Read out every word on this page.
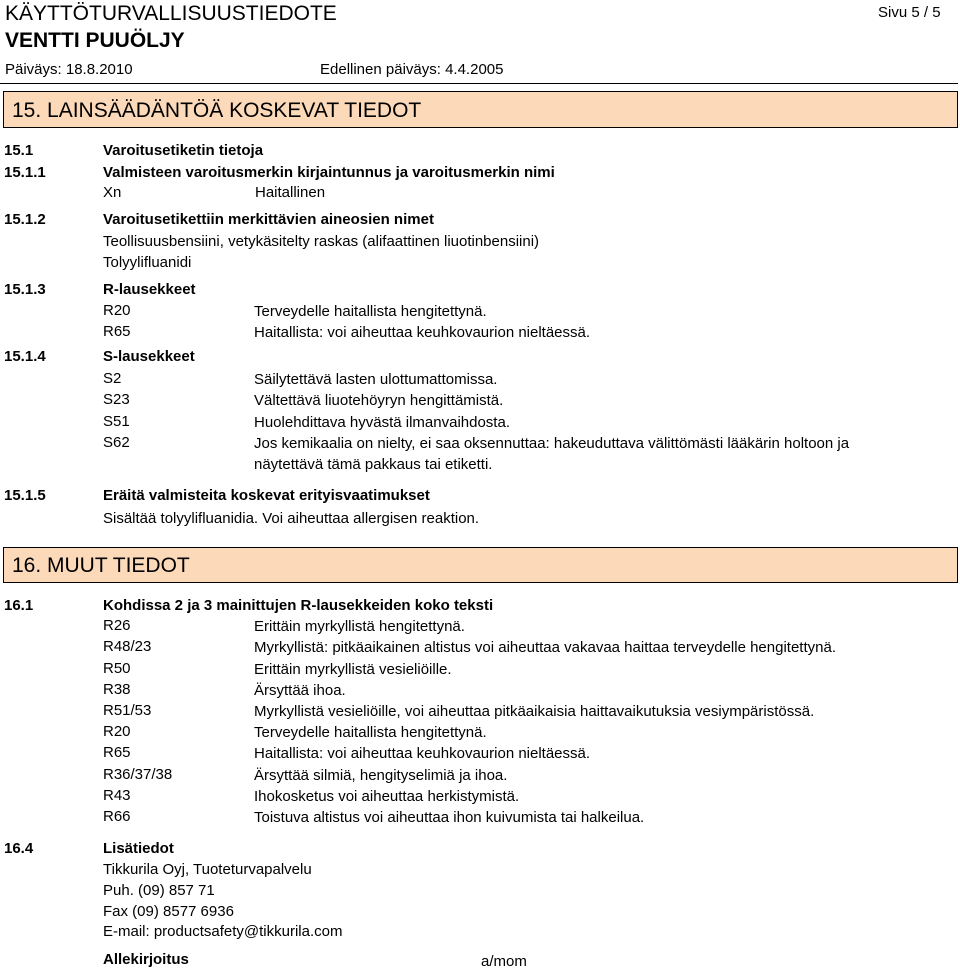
KÄYTTÖTURVALLISUUSTIEDOTE	Sivu 5 / 5
VENTTI PUUÖLJY
Päiväys: 18.8.2010	Edellinen päiväys: 4.4.2005
15. LAINSÄÄDÄNTÖÄ KOSKEVAT TIEDOT
15.1	Varoitusetiketin tietoja
15.1.1	Valmisteen varoitusmerkin kirjaintunnus ja varoitusmerkin nimi
Xn	Haitallinen
15.1.2	Varoitusetikettiin merkittävien aineosien nimet
Teollisuusbensiini, vetykäsitelty raskas (alifaattinen liuotinbensiini)
Tolyylifluanidi
15.1.3	R-lausekkeet
R20	Terveydelle haitallista hengitettynä.
R65	Haitallista: voi aiheuttaa keuhkovaurion nieltäessä.
15.1.4	S-lausekkeet
S2	Säilytettävä lasten ulottumattomissa.
S23	Vältettävä liuotehöyryn hengittämistä.
S51	Huolehdittava hyvästä ilmanvaihdosta.
S62	Jos kemikaalia on nielty, ei saa oksennuttaa: hakeuduttava välittömästi lääkärin holtoon ja
näytettävä tämä pakkaus tai etiketti.
15.1.5	Eräitä valmisteita koskevat erityisvaatimukset
Sisältää tolyylifluanidia. Voi aiheuttaa allergisen reaktion.
16. MUUT TIEDOT
16.1	Kohdissa 2 ja 3 mainittujen R-lausekkeiden koko teksti
R26	Erittäin myrkyllistä hengitettynä.
R48/23	Myrkyllistä: pitkäaikainen altistus voi aiheuttaa vakavaa haittaa terveydelle hengitettynä.
R50	Erittäin myrkyllistä vesieliöille.
R38	Ärsyttää ihoa.
R51/53	Myrkyllistä vesieliöille, voi aiheuttaa pitkäaikaisia haittavaikutuksia vesiympäristössä.
R20	Terveydelle haitallista hengitettynä.
R65	Haitallista: voi aiheuttaa keuhkovaurion nieltäessä.
R36/37/38	Ärsyttää silmiä, hengityselimiä ja ihoa.
R43	Ihokosketus voi aiheuttaa herkistymistä.
R66	Toistuva altistus voi aiheuttaa ihon kuivumista tai halkeilua.
16.4	Lisätiedot
Tikkurila Oyj, Tuoteturvapalvelu
Puh. (09) 857 71
Fax (09) 8577 6936
E-mail: productsafety@tikkurila.com
Allekirjoitus	a/mom
